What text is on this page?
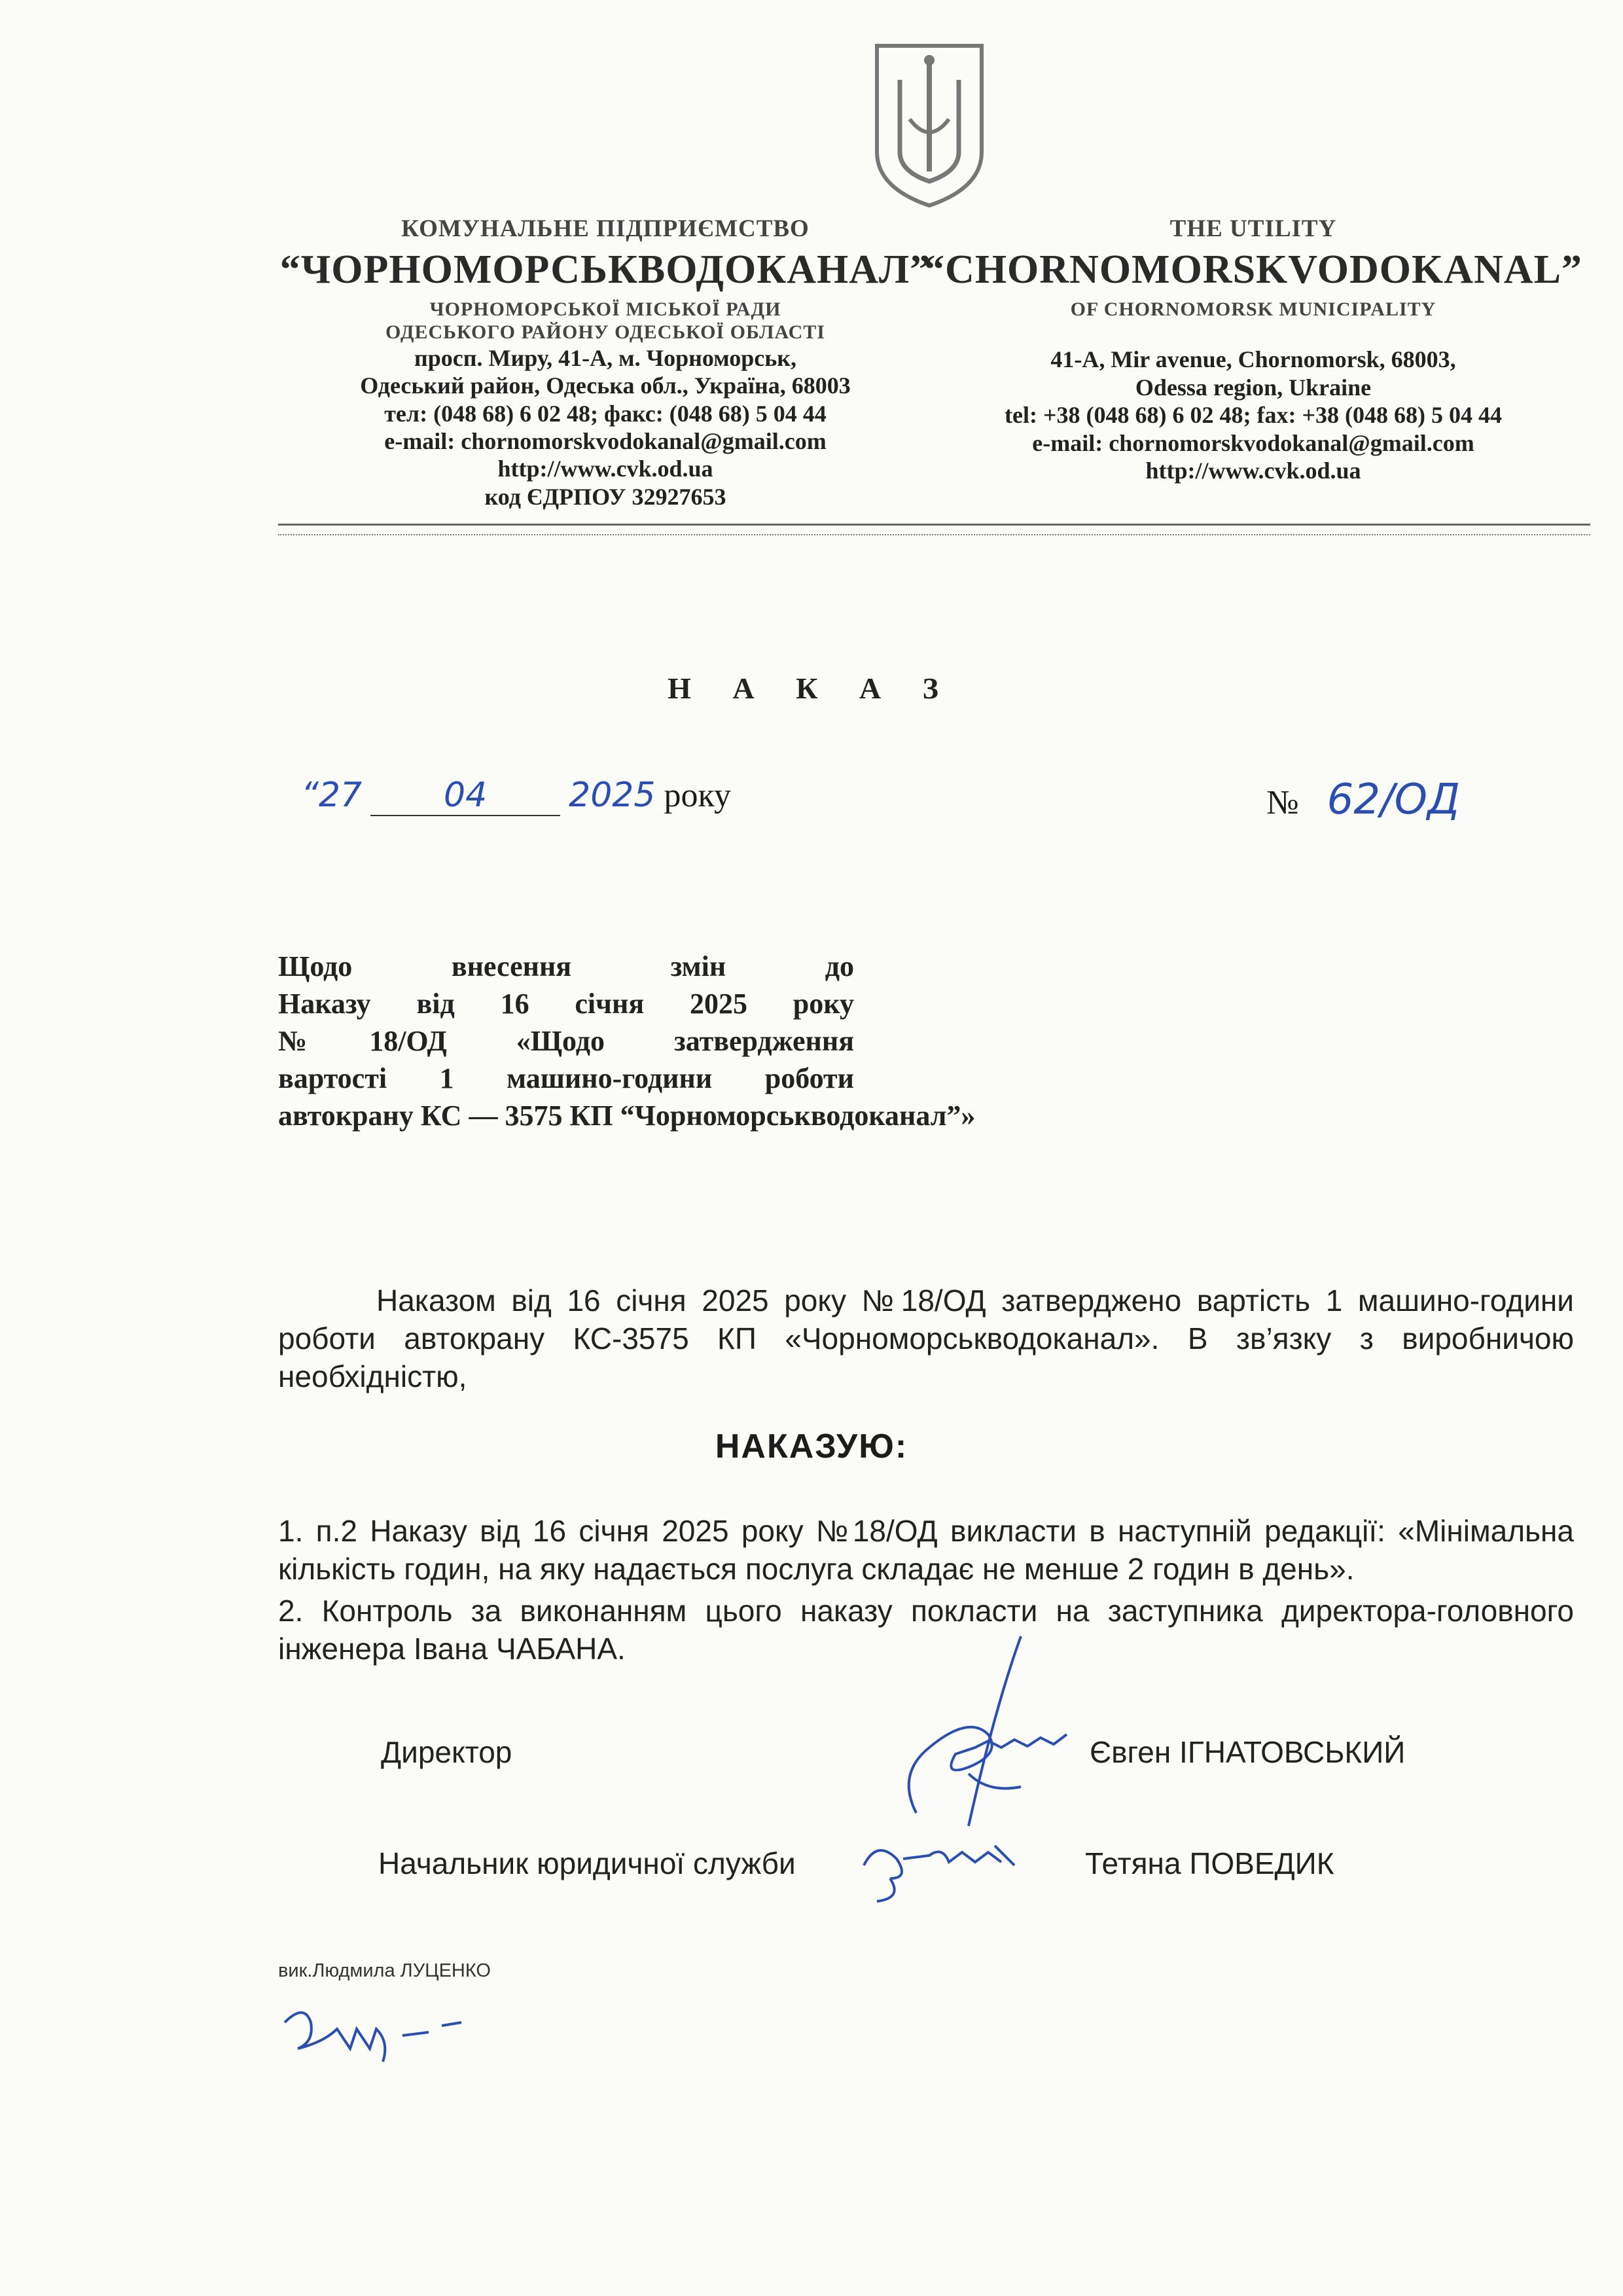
КОМУНАЛЬНЕ ПІДПРИЄМСТВО
“ЧОРНОМОРСЬКВОДОКАНАЛ”
ЧОРНОМОРСЬКОЇ МІСЬКОЇ РАДИ
ОДЕСЬКОГО РАЙОНУ ОДЕСЬКОЇ ОБЛАСТІ
просп. Миру, 41-А, м. Чорноморськ,
Одеський район, Одеська обл., Україна, 68003
тел: (048 68) 6 02 48; факс: (048 68) 5 04 44
e-mail: chornomorskvodokanal@gmail.com
http://www.cvk.od.ua
код ЄДРПОУ 32927653
THE UTILITY
“CHORNOMORSKVODOKANAL”
OF CHORNOMORSK MUNICIPALITY
41-A, Mir avenue, Chornomorsk, 68003,
Odessa region, Ukraine
tel: +38 (048 68) 6 02 48; fax: +38 (048 68) 5 04 44
e-mail: chornomorskvodokanal@gmail.com
http://www.cvk.od.ua
Н А К А З
“27 04 2025 року	№ 62/ОД
Щодо внесення змін до
Наказу від 16 січня 2025 року
№18/ОД «Щодо затвердження
вартості 1 машино-години роботи
автокрану КС — 3575 КП “Чорноморськводоканал”»
Наказом від 16 січня 2025 року №18/ОД затверджено вартість 1 машино-години роботи автокрану КС-3575 КП «Чорноморськводоканал». В зв’язку з виробничою необхідністю,
НАКАЗУЮ:
1. п.2 Наказу від 16 січня 2025 року №18/ОД викласти в наступній редакції: «Мінімальна кількість годин, на яку надається послуга складає не менше 2 годин в день».
2. Контроль за виконанням цього наказу покласти на заступника директора-головного інженера Івана ЧАБАНА.
Директор	Євген ІГНАТОВСЬКИЙ
Начальник юридичної служби	Тетяна ПОВЕДИК
вик.Людмила ЛУЦЕНКО
